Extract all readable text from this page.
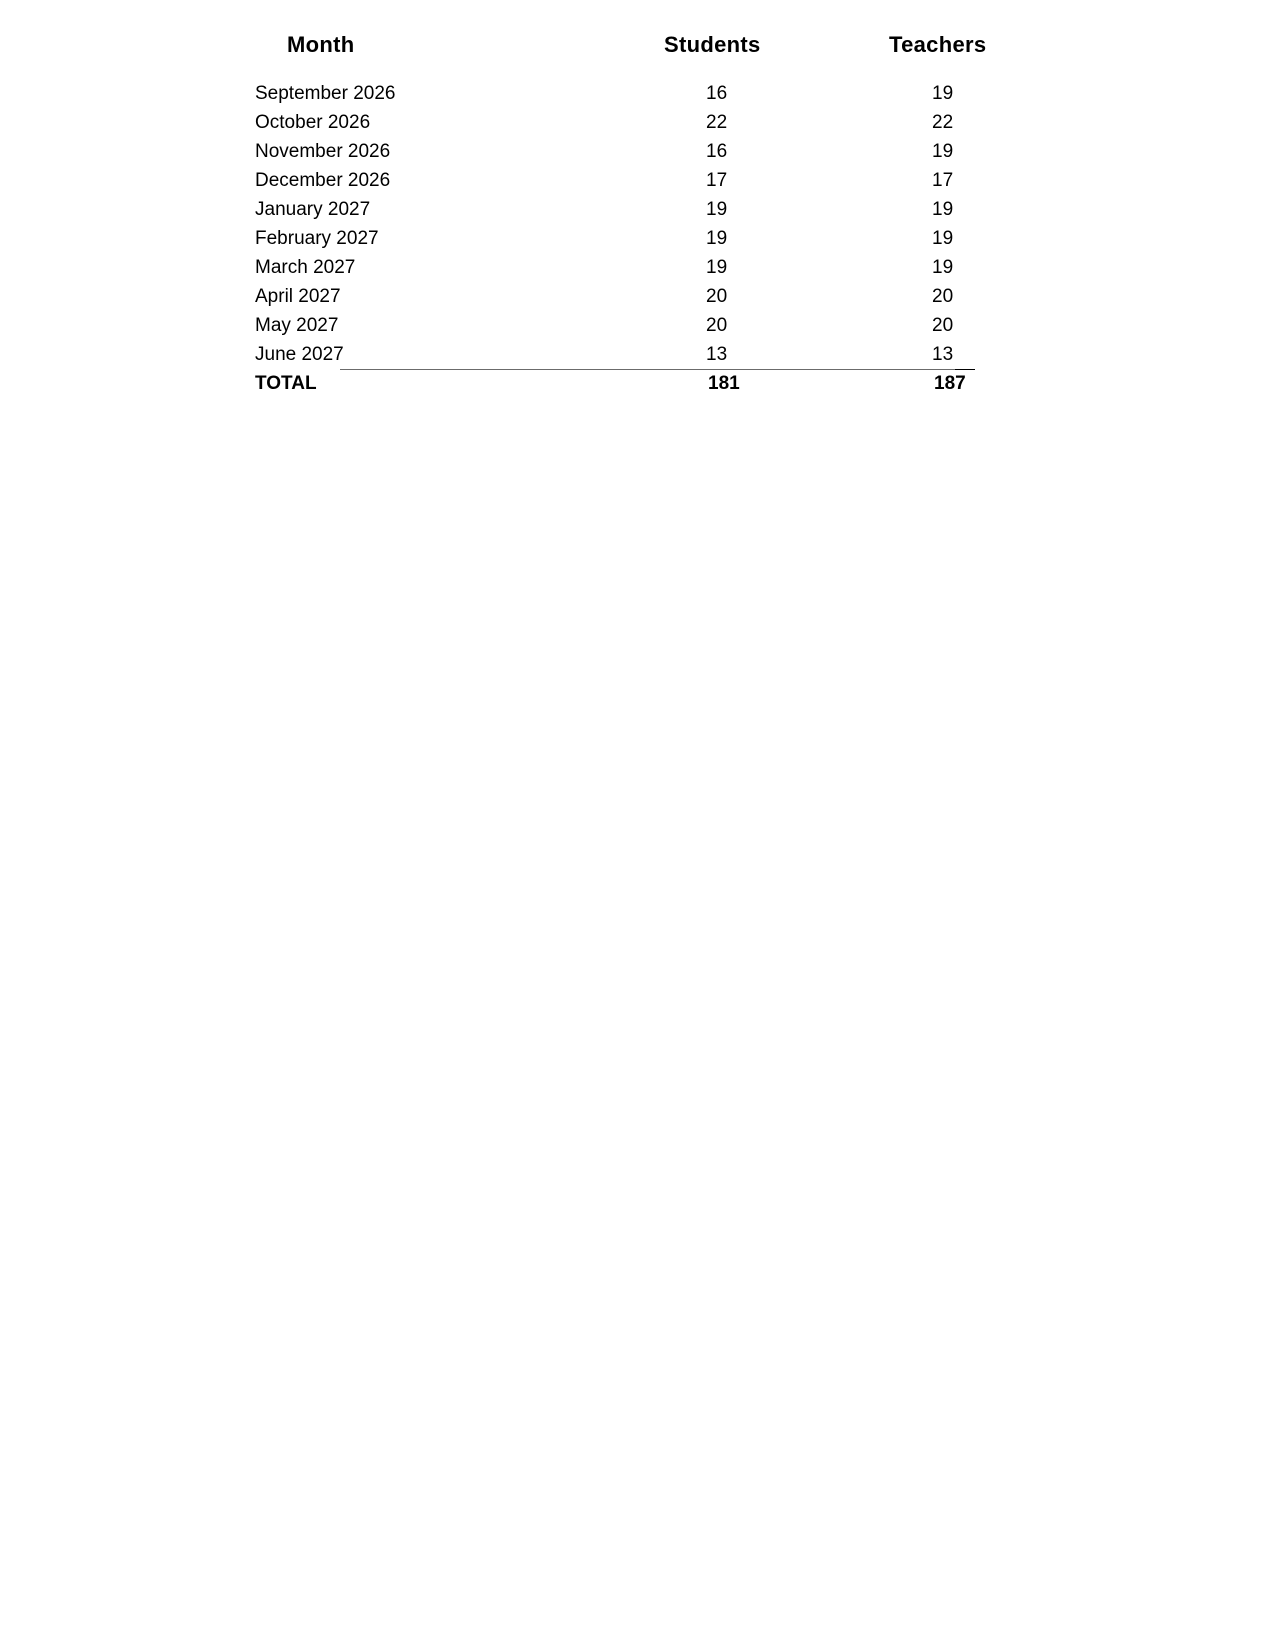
Month	Students	Teachers
September 2026	16	19
October 2026	22	22
November 2026	16	19
December 2026	17	17
January 2027	19	19
February 2027	19	19
March 2027	19	19
April 2027	20	20
May 2027	20	20
June 2027	13	13
TOTAL	181	187
